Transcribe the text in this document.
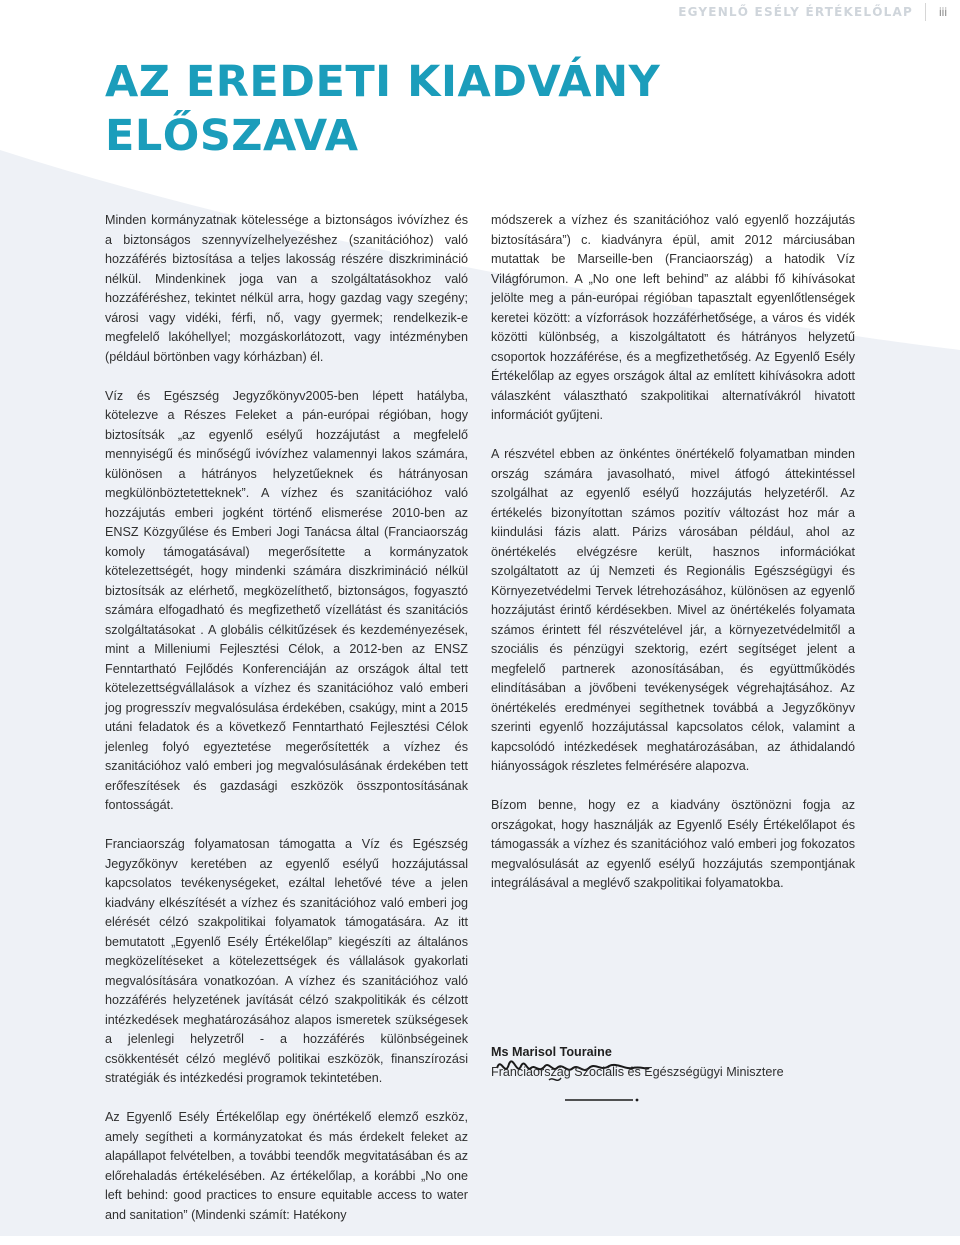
EGYENLŐ ESÉLY ÉRTÉKELŐLAP	iii
AZ EREDETI KIADVÁNY
ELŐSZAVA

Minden kormányzatnak kötelessége a biztonságos ivóvízhez és a biztonságos szennyvízelhelyezéshez (szanitációhoz) való hozzáférés biztosítása a teljes lakosság részére diszkrimináció nélkül. Mindenkinek joga van a szolgáltatásokhoz való hozzáféréshez, tekintet nélkül arra, hogy gazdag vagy szegény; városi vagy vidéki, férfi, nő, vagy gyermek; rendelkezik-e megfelelő lakóhellyel; mozgáskorlátozott, vagy intézményben (például börtönben vagy kórházban) él.

Víz és Egészség Jegyzőkönyv2005-ben lépett hatályba, kötelezve a Részes Feleket a pán-európai régióban, hogy biztosítsák „az egyenlő esélyű hozzájutást a megfelelő mennyiségű és minőségű ivóvízhez valamennyi lakos számára, különösen a hátrányos helyzetűeknek és hátrányosan megkülönböztetetteknek”. A vízhez és szanitációhoz való hozzájutás emberi jogként történő elismerése 2010-ben az ENSZ Közgyűlése és Emberi Jogi Tanácsa által (Franciaország komoly támogatásával) megerősítette a kormányzatok kötelezettségét, hogy mindenki számára diszkrimináció nélkül biztosítsák az elérhető, megközelíthető, biztonságos, fogyasztó számára elfogadható és megfizethető vízellátást és szanitációs szolgáltatásokat . A globális célkitűzések és kezdeményezések, mint a Milleniumi Fejlesztési Célok, a 2012-ben az ENSZ Fenntartható Fejlődés Konferenciáján az országok által tett kötelezettségvállalások a vízhez és szanitációhoz való emberi jog progresszív megvalósulása érdekében, csakúgy, mint a 2015 utáni feladatok és a következő Fenntartható Fejlesztési Célok jelenleg folyó egyeztetése megerősítették a vízhez és szanitációhoz való emberi jog megvalósulásának érdekében tett erőfeszítések és gazdasági eszközök összpontosításának fontosságát.

Franciaország folyamatosan támogatta a Víz és Egészség Jegyzőkönyv keretében az egyenlő esélyű hozzájutással kapcsolatos tevékenységeket, ezáltal lehetővé téve a jelen kiadvány elkészítését a vízhez és szanitációhoz való emberi jog elérését célzó szakpolitikai folyamatok támogatására. Az itt bemutatott „Egyenlő Esély Értékelőlap” kiegészíti az általános megközelítéseket a kötelezettségek és vállalások gyakorlati megvalósítására vonatkozóan. A vízhez és szanitációhoz való hozzáférés helyzetének javítását célzó szakpolitikák és célzott intézkedések meghatározásához alapos ismeretek szükségesek a jelenlegi helyzetről - a hozzáférés különbségeinek csökkentését célzó meglévő politikai eszközök, finanszírozási stratégiák és intézkedési programok tekintetében.

Az Egyenlő Esély Értékelőlap egy önértékelő elemző eszköz, amely segítheti a kormányzatokat és más érdekelt feleket az alapállapot felvételben, a további teendők megvitatásában és az előrehaladás értékelésében. Az értékelőlap, a korábbi „No one left behind: good practices to ensure equitable access to water and sanitation” (Mindenki számít: Hatékony

módszerek a vízhez és szanitációhoz való egyenlő hozzájutás biztosítására”) c. kiadványra épül, amit 2012 márciusában mutattak be Marseille-ben (Franciaország) a hatodik Víz Világfórumon. A „No one left behind” az alábbi fő kihívásokat jelölte meg a pán-európai régióban tapasztalt egyenlőtlenségek keretei között: a vízforrások hozzáférhetősége, a város és vidék közötti különbség, a kiszolgáltatott és hátrányos helyzetű csoportok hozzáférése, és a megfizethetőség. Az Egyenlő Esély Értékelőlap az egyes országok által az említett kihívásokra adott válaszként választható szakpolitikai alternatívákról hivatott információt gyűjteni.

A részvétel ebben az önkéntes önértékelő folyamatban minden ország számára javasolható, mivel átfogó áttekintéssel szolgálhat az egyenlő esélyű hozzájutás helyzetéről. Az értékelés bizonyítottan számos pozitív változást hoz már a kiindulási fázis alatt. Párizs városában például, ahol az önértékelés elvégzésre került, hasznos információkat szolgáltatott az új Nemzeti és Regionális Egészségügyi és Környezetvédelmi Tervek létrehozásához, különösen az egyenlő hozzájutást érintő kérdésekben. Mivel az önértékelés folyamata számos érintett fél részvételével jár, a környezetvédelmitől a szociális és pénzügyi szektorig, ezért segítséget jelent a megfelelő partnerek azonosításában, és együttműködés elindításában a jövőbeni tevékenységek végrehajtásához. Az önértékelés eredményei segíthetnek továbbá a Jegyzőkönyv szerinti egyenlő hozzájutással kapcsolatos célok, valamint a kapcsolódó intézkedések meghatározásában, az áthidalandó hiányosságok részletes felmérésére alapozva.

Bízom benne, hogy ez a kiadvány ösztönözni fogja az országokat, hogy használják az Egyenlő Esély Értékelőlapot és támogassák a vízhez és szanitációhoz való emberi jog fokozatos megvalósulását az egyenlő esélyű hozzájutás szempontjának integrálásával a meglévő szakpolitikai folyamatokba.

Ms Marisol Touraine

Franciaország Szociális és Egészségügyi Minisztere
